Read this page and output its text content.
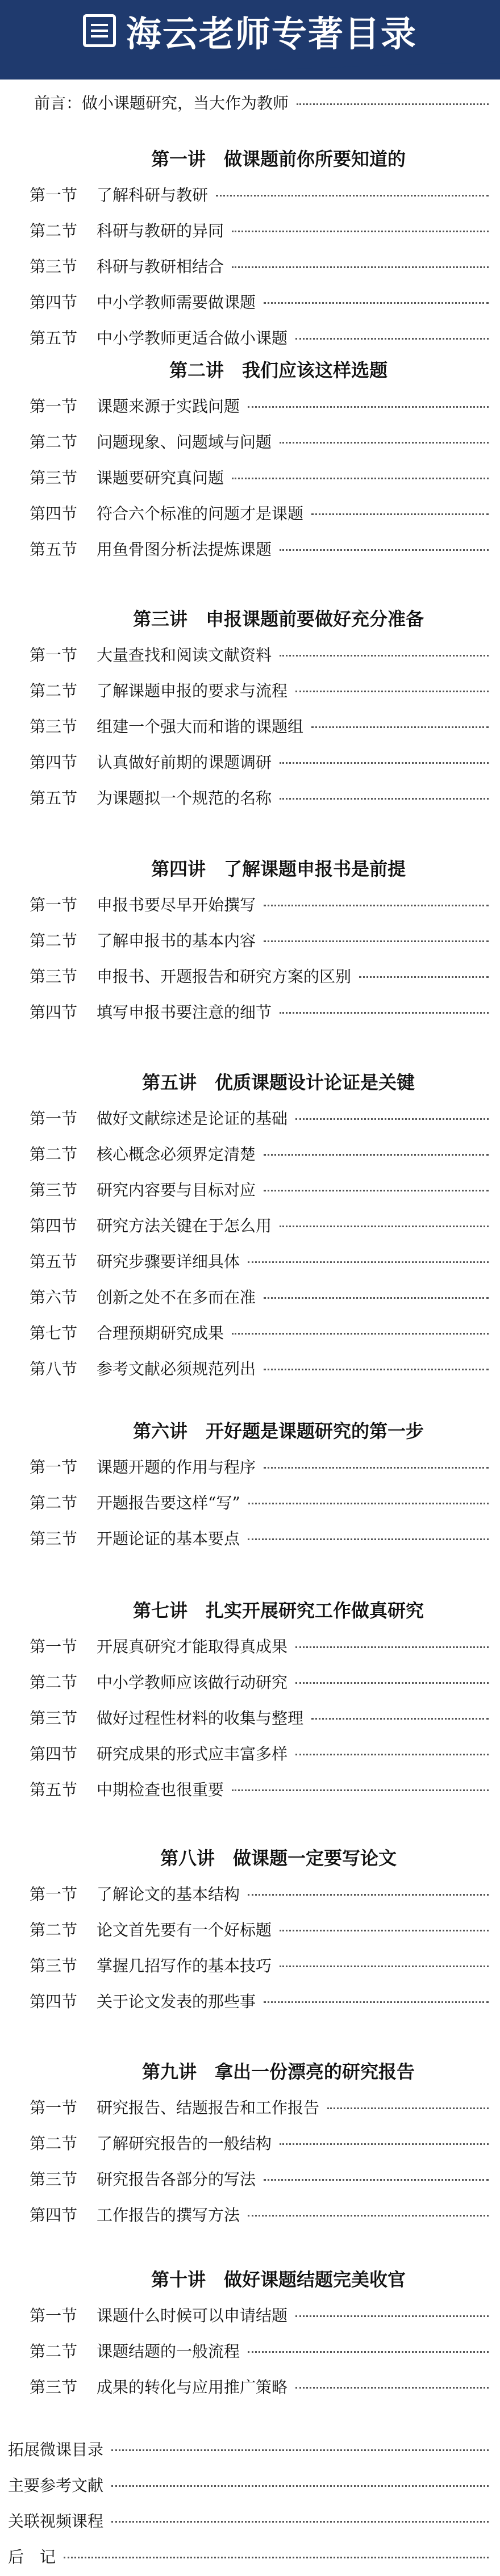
海云老师专著目录
前言：做小课题研究，当大作为教师
第一讲 做课题前你所要知道的
第一节	了解科研与教研
第二节	科研与教研的异同
第三节	科研与教研相结合
第四节	中小学教师需要做课题
第五节	中小学教师更适合做小课题
第二讲 我们应该这样选题
第一节	课题来源于实践问题
第二节	问题现象、问题域与问题
第三节	课题要研究真问题
第四节	符合六个标准的问题才是课题
第五节	用鱼骨图分析法提炼课题
第三讲 申报课题前要做好充分准备
第一节	大量查找和阅读文献资料
第二节	了解课题申报的要求与流程
第三节	组建一个强大而和谐的课题组
第四节	认真做好前期的课题调研
第五节	为课题拟一个规范的名称
第四讲 了解课题申报书是前提
第一节	申报书要尽早开始撰写
第二节	了解申报书的基本内容
第三节	申报书、开题报告和研究方案的区别
第四节	填写申报书要注意的细节
第五讲 优质课题设计论证是关键
第一节	做好文献综述是论证的基础
第二节	核心概念必须界定清楚
第三节	研究内容要与目标对应
第四节	研究方法关键在于怎么用
第五节	研究步骤要详细具体
第六节	创新之处不在多而在准
第七节	合理预期研究成果
第八节	参考文献必须规范列出
第六讲 开好题是课题研究的第一步
第一节	课题开题的作用与程序
第二节	开题报告要这样“写”
第三节	开题论证的基本要点
第七讲 扎实开展研究工作做真研究
第一节	开展真研究才能取得真成果
第二节	中小学教师应该做行动研究
第三节	做好过程性材料的收集与整理
第四节	研究成果的形式应丰富多样
第五节	中期检查也很重要
第八讲 做课题一定要写论文
第一节	了解论文的基本结构
第二节	论文首先要有一个好标题
第三节	掌握几招写作的基本技巧
第四节	关于论文发表的那些事
第九讲 拿出一份漂亮的研究报告
第一节	研究报告、结题报告和工作报告
第二节	了解研究报告的一般结构
第三节	研究报告各部分的写法
第四节	工作报告的撰写方法
第十讲 做好课题结题完美收官
第一节	课题什么时候可以申请结题
第二节	课题结题的一般流程
第三节	成果的转化与应用推广策略
拓展微课目录
主要参考文献
关联视频课程
后　记
